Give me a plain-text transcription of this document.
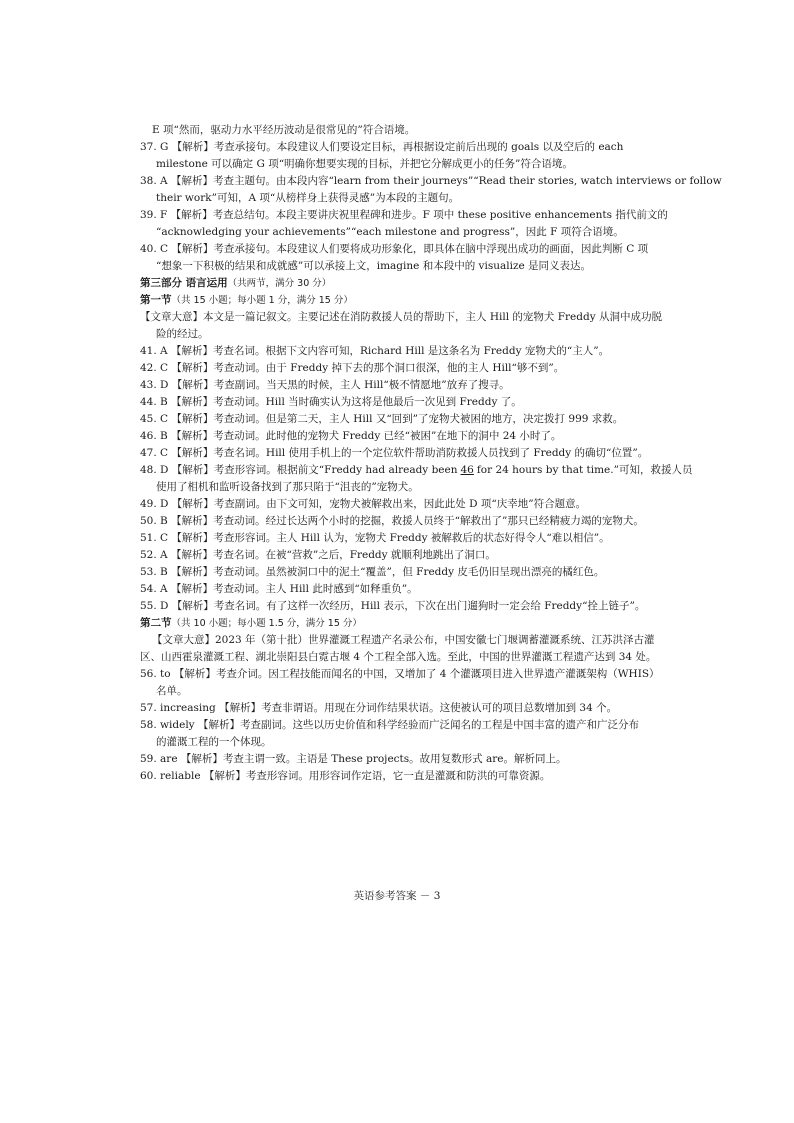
E 项“然而，驱动力水平经历波动是很常见的”符合语境。
37. G 【解析】考查承接句。本段建议人们要设定目标，再根据设定前后出现的 goals 以及空后的 each
milestone 可以确定 G 项“明确你想要实现的目标，并把它分解成更小的任务”符合语境。
38. A 【解析】考查主题句。由本段内容“learn from their journeys”“Read their stories, watch interviews or follow
their work”可知，A 项“从榜样身上获得灵感”为本段的主题句。
39. F 【解析】考查总结句。本段主要讲庆祝里程碑和进步。F 项中 these positive enhancements 指代前文的
“acknowledging your achievements”“each milestone and progress”，因此 F 项符合语境。
40. C 【解析】考查承接句。本段建议人们要将成功形象化，即具体在脑中浮现出成功的画面，因此判断 C 项
“想象一下积极的结果和成就感”可以承接上文，imagine 和本段中的 visualize 是同义表达。
第三部分 语言运用（共两节，满分 30 分）
第一节（共 15 小题；每小题 1 分，满分 15 分）
【文章大意】本文是一篇记叙文。主要记述在消防救援人员的帮助下，主人 Hill 的宠物犬 Freddy 从洞中成功脱
险的经过。
41. A 【解析】考查名词。根据下文内容可知，Richard Hill 是这条名为 Freddy 宠物犬的“主人”。
42. C 【解析】考查动词。由于 Freddy 掉下去的那个洞口很深，他的主人 Hill“够不到”。
43. D 【解析】考查副词。当天黑的时候，主人 Hill“极不情愿地”放弃了搜寻。
44. B 【解析】考查动词。Hill 当时确实认为这将是他最后一次见到 Freddy 了。
45. C 【解析】考查动词。但是第二天，主人 Hill 又“回到”了宠物犬被困的地方，决定拨打 999 求救。
46. B 【解析】考查动词。此时他的宠物犬 Freddy 已经“被困”在地下的洞中 24 小时了。
47. C 【解析】考查名词。Hill 使用手机上的一个定位软件帮助消防救援人员找到了 Freddy 的确切“位置”。
48. D 【解析】考查形容词。根据前文“Freddy had already been 46 for 24 hours by that time.”可知，救援人员
使用了相机和监听设备找到了那只陷于“沮丧的”宠物犬。
49. D 【解析】考查副词。由下文可知，宠物犬被解救出来，因此此处 D 项“庆幸地”符合题意。
50. B 【解析】考查动词。经过长达两个小时的挖掘，救援人员终于“解救出了”那只已经精疲力竭的宠物犬。
51. C 【解析】考查形容词。主人 Hill 认为，宠物犬 Freddy 被解救后的状态好得令人“难以相信”。
52. A 【解析】考查名词。在被“营救”之后，Freddy 就顺利地跳出了洞口。
53. B 【解析】考查动词。虽然被洞口中的泥土“覆盖”，但 Freddy 皮毛仍旧呈现出漂亮的橘红色。
54. A 【解析】考查动词。主人 Hill 此时感到“如释重负”。
55. D 【解析】考查名词。有了这样一次经历，Hill 表示，下次在出门遛狗时一定会给 Freddy“拴上链子”。
第二节（共 10 小题；每小题 1.5 分，满分 15 分）
【文章大意】2023 年（第十批）世界灌溉工程遗产名录公布，中国安徽七门堰调蓄灌溉系统、江苏洪泽古灌
区、山西霍泉灌溉工程、湖北崇阳县白霓古堰 4 个工程全部入选。至此，中国的世界灌溉工程遗产达到 34 处。
56. to 【解析】考查介词。因工程技能而闻名的中国，又增加了 4 个灌溉项目进入世界遗产灌溉架构（WHIS）
名单。
57. increasing 【解析】考查非谓语。用现在分词作结果状语。这使被认可的项目总数增加到 34 个。
58. widely 【解析】考查副词。这些以历史价值和科学经验而广泛闻名的工程是中国丰富的遗产和广泛分布
的灌溉工程的一个体现。
59. are 【解析】考查主谓一致。主语是 These projects。故用复数形式 are。解析同上。
60. reliable 【解析】考查形容词。用形容词作定语，它一直是灌溉和防洪的可靠资源。
英语参考答案 － 3
